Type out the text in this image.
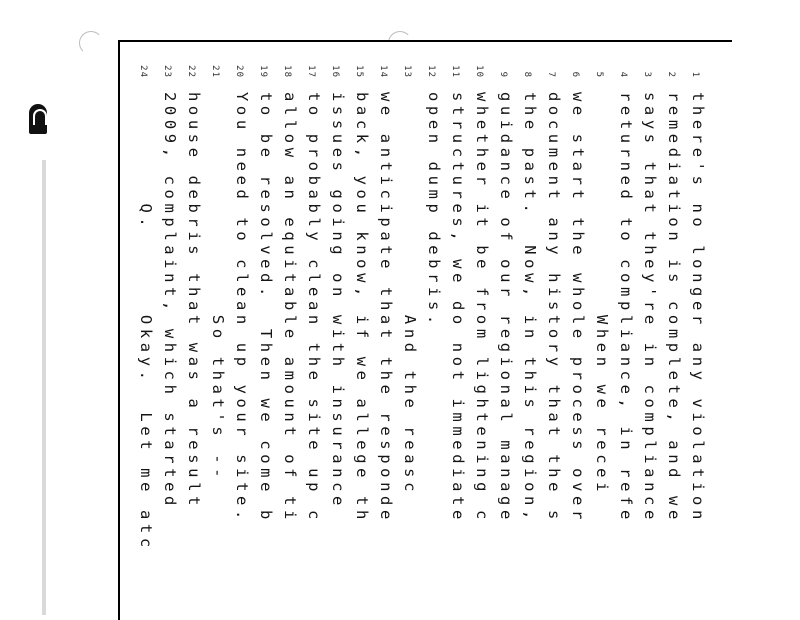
1there's no longer any violation
2remediation is complete, and we
3says that they're in compliance
4returned to compliance, in refe
5                When we recei
6we start the whole process over
7document any history that the s
8the past.  Now, in this region,
9guidance of our regional manage
10whether it be from lightening c
11structures, we do not immediate
12open dump debris.
13                And the reasc
14we anticipate that the responde
15back, you know, if we allege th
16issues going on with insurance
17to probably clean the site up c
18allow an equitable amount of ti
19to be resolved.  Then we come b
20You need to clean up your site.
21                So that's --
22house debris that was a result
232009, complaint, which started
24        Q.      Okay.  Let me atc
